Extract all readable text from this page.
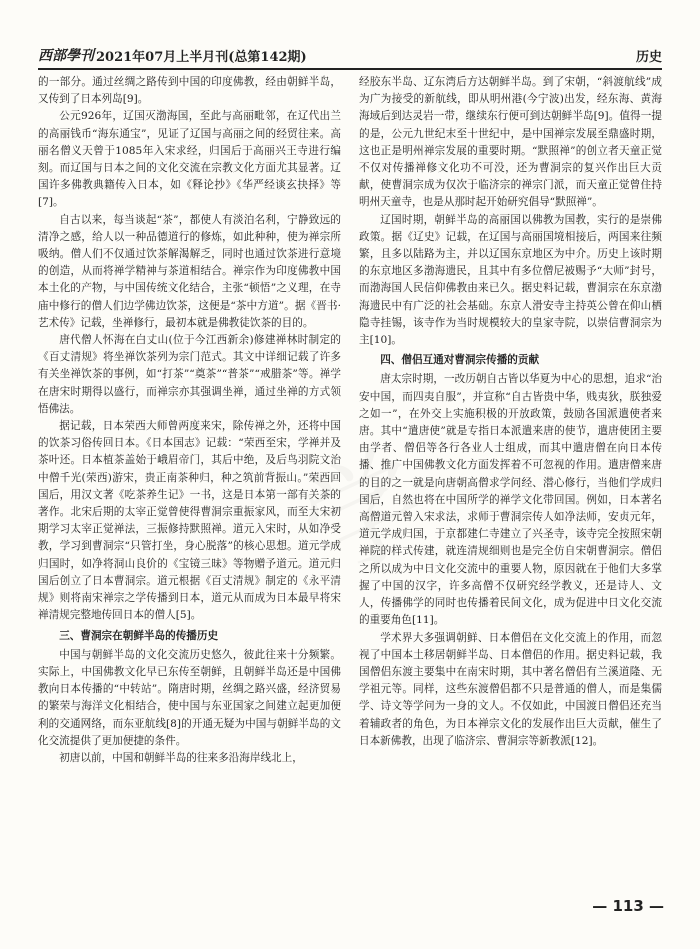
西部學刊 2021年07月上半月刊(总第142期)	历史
学

的一部分。通过丝绸之路传到中国的印度佛教，经由朝鲜半岛，又传到了日本列岛[9]。

公元926年，辽国灭渤海国，至此与高丽毗邻，在辽代出兰的高丽钱币“海东通宝”，见证了辽国与高丽之间的经贸往来。高丽名僧义天曾于1085年入宋求经，归国后于高丽兴王寺进行编刻。而辽国与日本之间的文化交流在宗教文化方面尤其显著。辽国许多佛教典籍传入日本，如《释论抄》《华严经谈玄抉择》等[7]。

自古以来，每当谈起“茶”，都使人有淡泊名利，宁静致远的清净之感，给人以一种品德道行的修炼，如此种种，使为禅宗所吸纳。僧人们不仅通过饮茶解渴解乏，同时也通过饮茶进行意境的创造，从而将禅学精神与茶道相结合。禅宗作为印度佛教中国本土化的产物，与中国传统文化结合，主张“顿悟”之义理，在寺庙中修行的僧人们边学佛边饮茶，这便是“茶中方道”。据《晋书·艺术传》记载，坐禅修行，最初本就是佛教徒饮茶的目的。

唐代僧人怀海在白丈山(位于今江西新余)修建禅林时制定的《百丈清规》将坐禅饮茶列为宗门范式。其文中详细记载了许多有关坐禅饮茶的事例，如“打茶”“奠茶”“普茶”“戒腊茶”等。禅学在唐宋时期得以盛行，而禅宗亦其强调坐禅，通过坐禅的方式领悟佛法。

据记载，日本荣西大师曾两度来宋，除传禅之外，还将中国的饮茶习俗传回日本。《日本国志》记载：“荣西至宋，学禅并及茶叶还。日本植茶盖始于峨眉帝门，其后中绝，及后鸟羽院文治中僧千光(荣西)游宋，贵正南茶种归，种之筑前背振山。”荣西回国后，用汉文著《吃茶养生记》一书，这是日本第一部有关茶的著作。北宋后期的太宰正觉曾使得曹洞宗重振家风，而至大宋初期学习太宰正觉禅法，三振修持默照禅。道元入宋时，从如净受教，学习到曹洞宗“只管打坐，身心脱落”的核心思想。道元学成归国时，如净将洞山良价的《宝镜三昧》等物赠予道元。道元归国后创立了日本曹洞宗。道元根据《百丈清规》制定的《永平清规》则将南宋禅宗之学传播到日本，道元从而成为日本最早将宋禅清规完整地传回日本的僧人[5]。

三、曹洞宗在朝鲜半岛的传播历史

中国与朝鲜半岛的文化交流历史悠久，彼此往来十分频繁。实际上，中国佛教文化早已东传至朝鲜，且朝鲜半岛还是中国佛教向日本传播的“中转站”。隋唐时期，丝绸之路兴盛，经济贸易的繁荣与海洋文化相结合，使中国与东亚国家之间建立起更加便利的交通网络，而东亚航线[8]的开通无疑为中国与朝鲜半岛的文化交流提供了更加便捷的条件。

初唐以前，中国和朝鲜半岛的往来多沿海岸线北上，

经胶东半岛、辽东湾后方达朝鲜半岛。到了宋朝，“斜渡航线”成为广为接受的新航线，即从明州港(今宁波)出发，经东海、黄海海域后到达灵岩一带，继续东行便可到达朝鲜半岛[9]。值得一提的是，公元九世纪末至十世纪中，是中国禅宗发展至鼎盛时期，这也正是明州禅宗发展的重要时期。“默照禅”的创立者天童正觉不仅对传播禅修文化功不可没，还为曹洞宗的复兴作出巨大贡献，使曹洞宗成为仅次于临济宗的禅宗门派，而天童正觉曾住持明州天童寺，也是从那时起开始研究倡导“默照禅”。

辽国时期，朝鲜半岛的高丽国以佛教为国教，实行的是崇佛政策。据《辽史》记载，在辽国与高丽国境相接后，两国来往频繁，且多以陆路为主，并以辽国东京地区为中介。历史上该时期的东京地区多渤海遗民，且其中有多位僧尼被赐予“大师”封号，而渤海国人民信仰佛教由来已久。据史料记载，曹洞宗在东京渤海遗民中有广泛的社会基础。东京人滑安寺主持英公曾在仰山栖隐寺挂锡，该寺作为当时规模较大的皇家寺院，以崇信曹洞宗为主[10]。

四、僧侣互通对曹洞宗传播的贡献

唐太宗时期，一改历朝自古皆以华夏为中心的思想，追求“治安中国，而四夷自服”，并宣称“自古皆贵中华，贱夷狄，朕独爱之如一”，在外交上实施积极的开放政策，鼓励各国派遣使者来唐。其中“遣唐使”就是专指日本派遣来唐的使节，遣唐使团主要由学者、僧侣等各行各业人士组成，而其中遣唐僧在向日本传播、推广中国佛教文化方面发挥着不可忽视的作用。遣唐僧来唐的目的之一就是向唐朝高僧求学问经、潜心修行，当他们学成归国后，自然也将在中国所学的禅学文化带回国。例如，日本著名高僧道元曾入宋求法，求师于曹洞宗传人如净法师，安贞元年，道元学成归国，于京都建仁寺建立了兴圣寺，该寺完全按照宋朝禅院的样式传建，就连清规细则也是完全仿自宋朝曹洞宗。僧侣之所以成为中日文化交流中的重要人物，原因就在于他们大多掌握了中国的汉字，许多高僧不仅研究经学教义，还是诗人、文人，传播佛学的同时也传播着民间文化，成为促进中日文化交流的重要角色[11]。

学术界大多强调朝鲜、日本僧侣在文化交流上的作用，而忽视了中国本土移居朝鲜半岛、日本僧侣的作用。据史料记载，我国僧侣东渡主要集中在南宋时期，其中著名僧侣有兰溪道隆、无学祖元等。同样，这些东渡僧侣都不只是普通的僧人，而是集儒学、诗文等学问为一身的文人。不仅如此，中国渡日僧侣还充当着辅政者的角色，为日本禅宗文化的发展作出巨大贡献，催生了日本新佛教，出现了临济宗、曹洞宗等新教派[12]。

— 113 —
